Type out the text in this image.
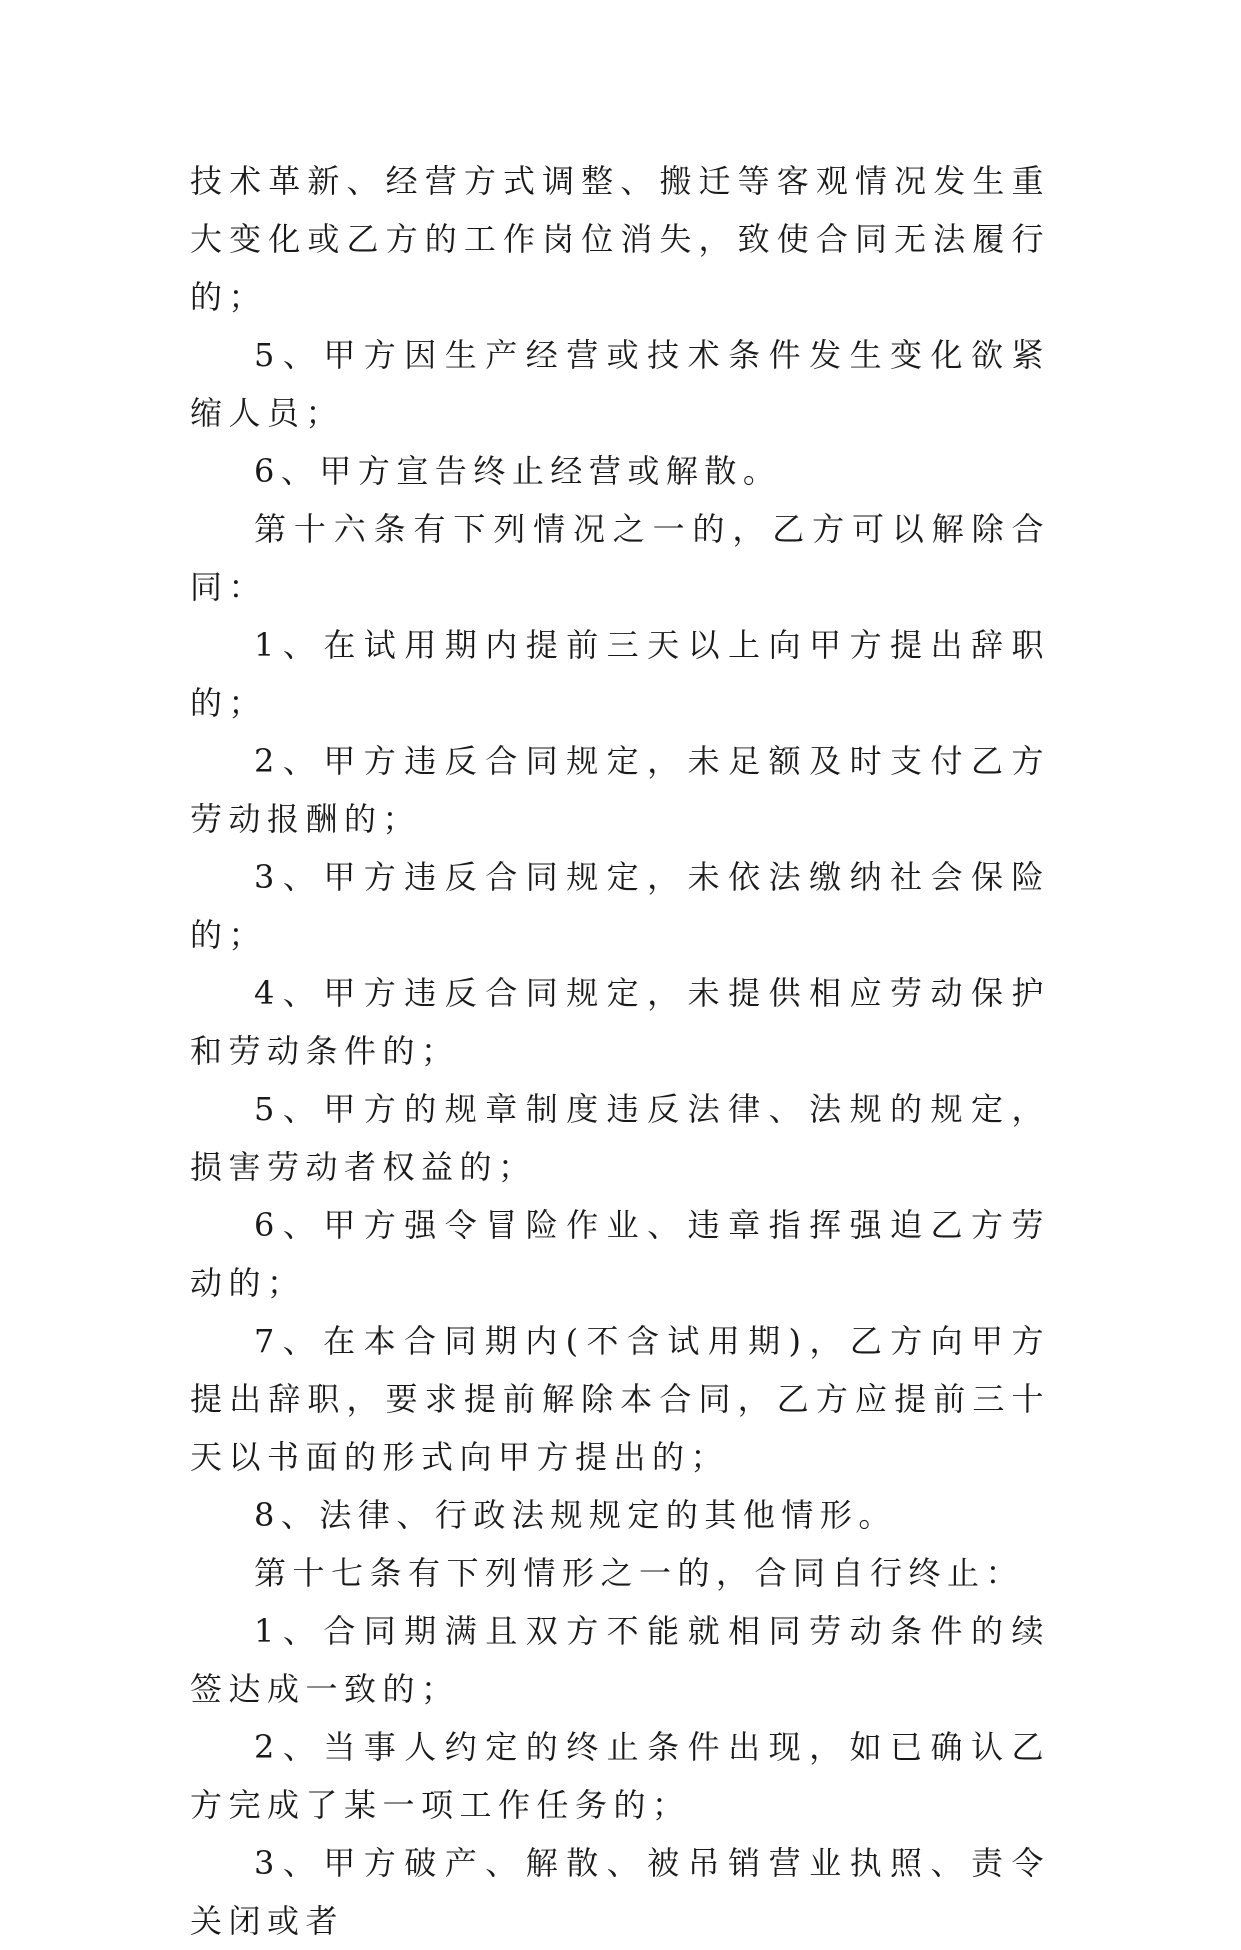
技术革新、经营方式调整、搬迁等客观情况发生重大变化或乙方的工作岗位消失，致使合同无法履行的；

5、甲方因生产经营或技术条件发生变化欲紧缩人员；

6、甲方宣告终止经营或解散。

第十六条有下列情况之一的，乙方可以解除合同：

1、在试用期内提前三天以上向甲方提出辞职的；

2、甲方违反合同规定，未足额及时支付乙方劳动报酬的；

3、甲方违反合同规定，未依法缴纳社会保险的；

4、甲方违反合同规定，未提供相应劳动保护和劳动条件的；

5、甲方的规章制度违反法律、法规的规定，损害劳动者权益的；

6、甲方强令冒险作业、违章指挥强迫乙方劳动的；

7、在本合同期内(不含试用期)，乙方向甲方提出辞职，要求提前解除本合同，乙方应提前三十天以书面的形式向甲方提出的；

8、法律、行政法规规定的其他情形。

第十七条有下列情形之一的，合同自行终止：

1、合同期满且双方不能就相同劳动条件的续签达成一致的；

2、当事人约定的终止条件出现，如已确认乙方完成了某一项工作任务的；

3、甲方破产、解散、被吊销营业执照、责令关闭或者
